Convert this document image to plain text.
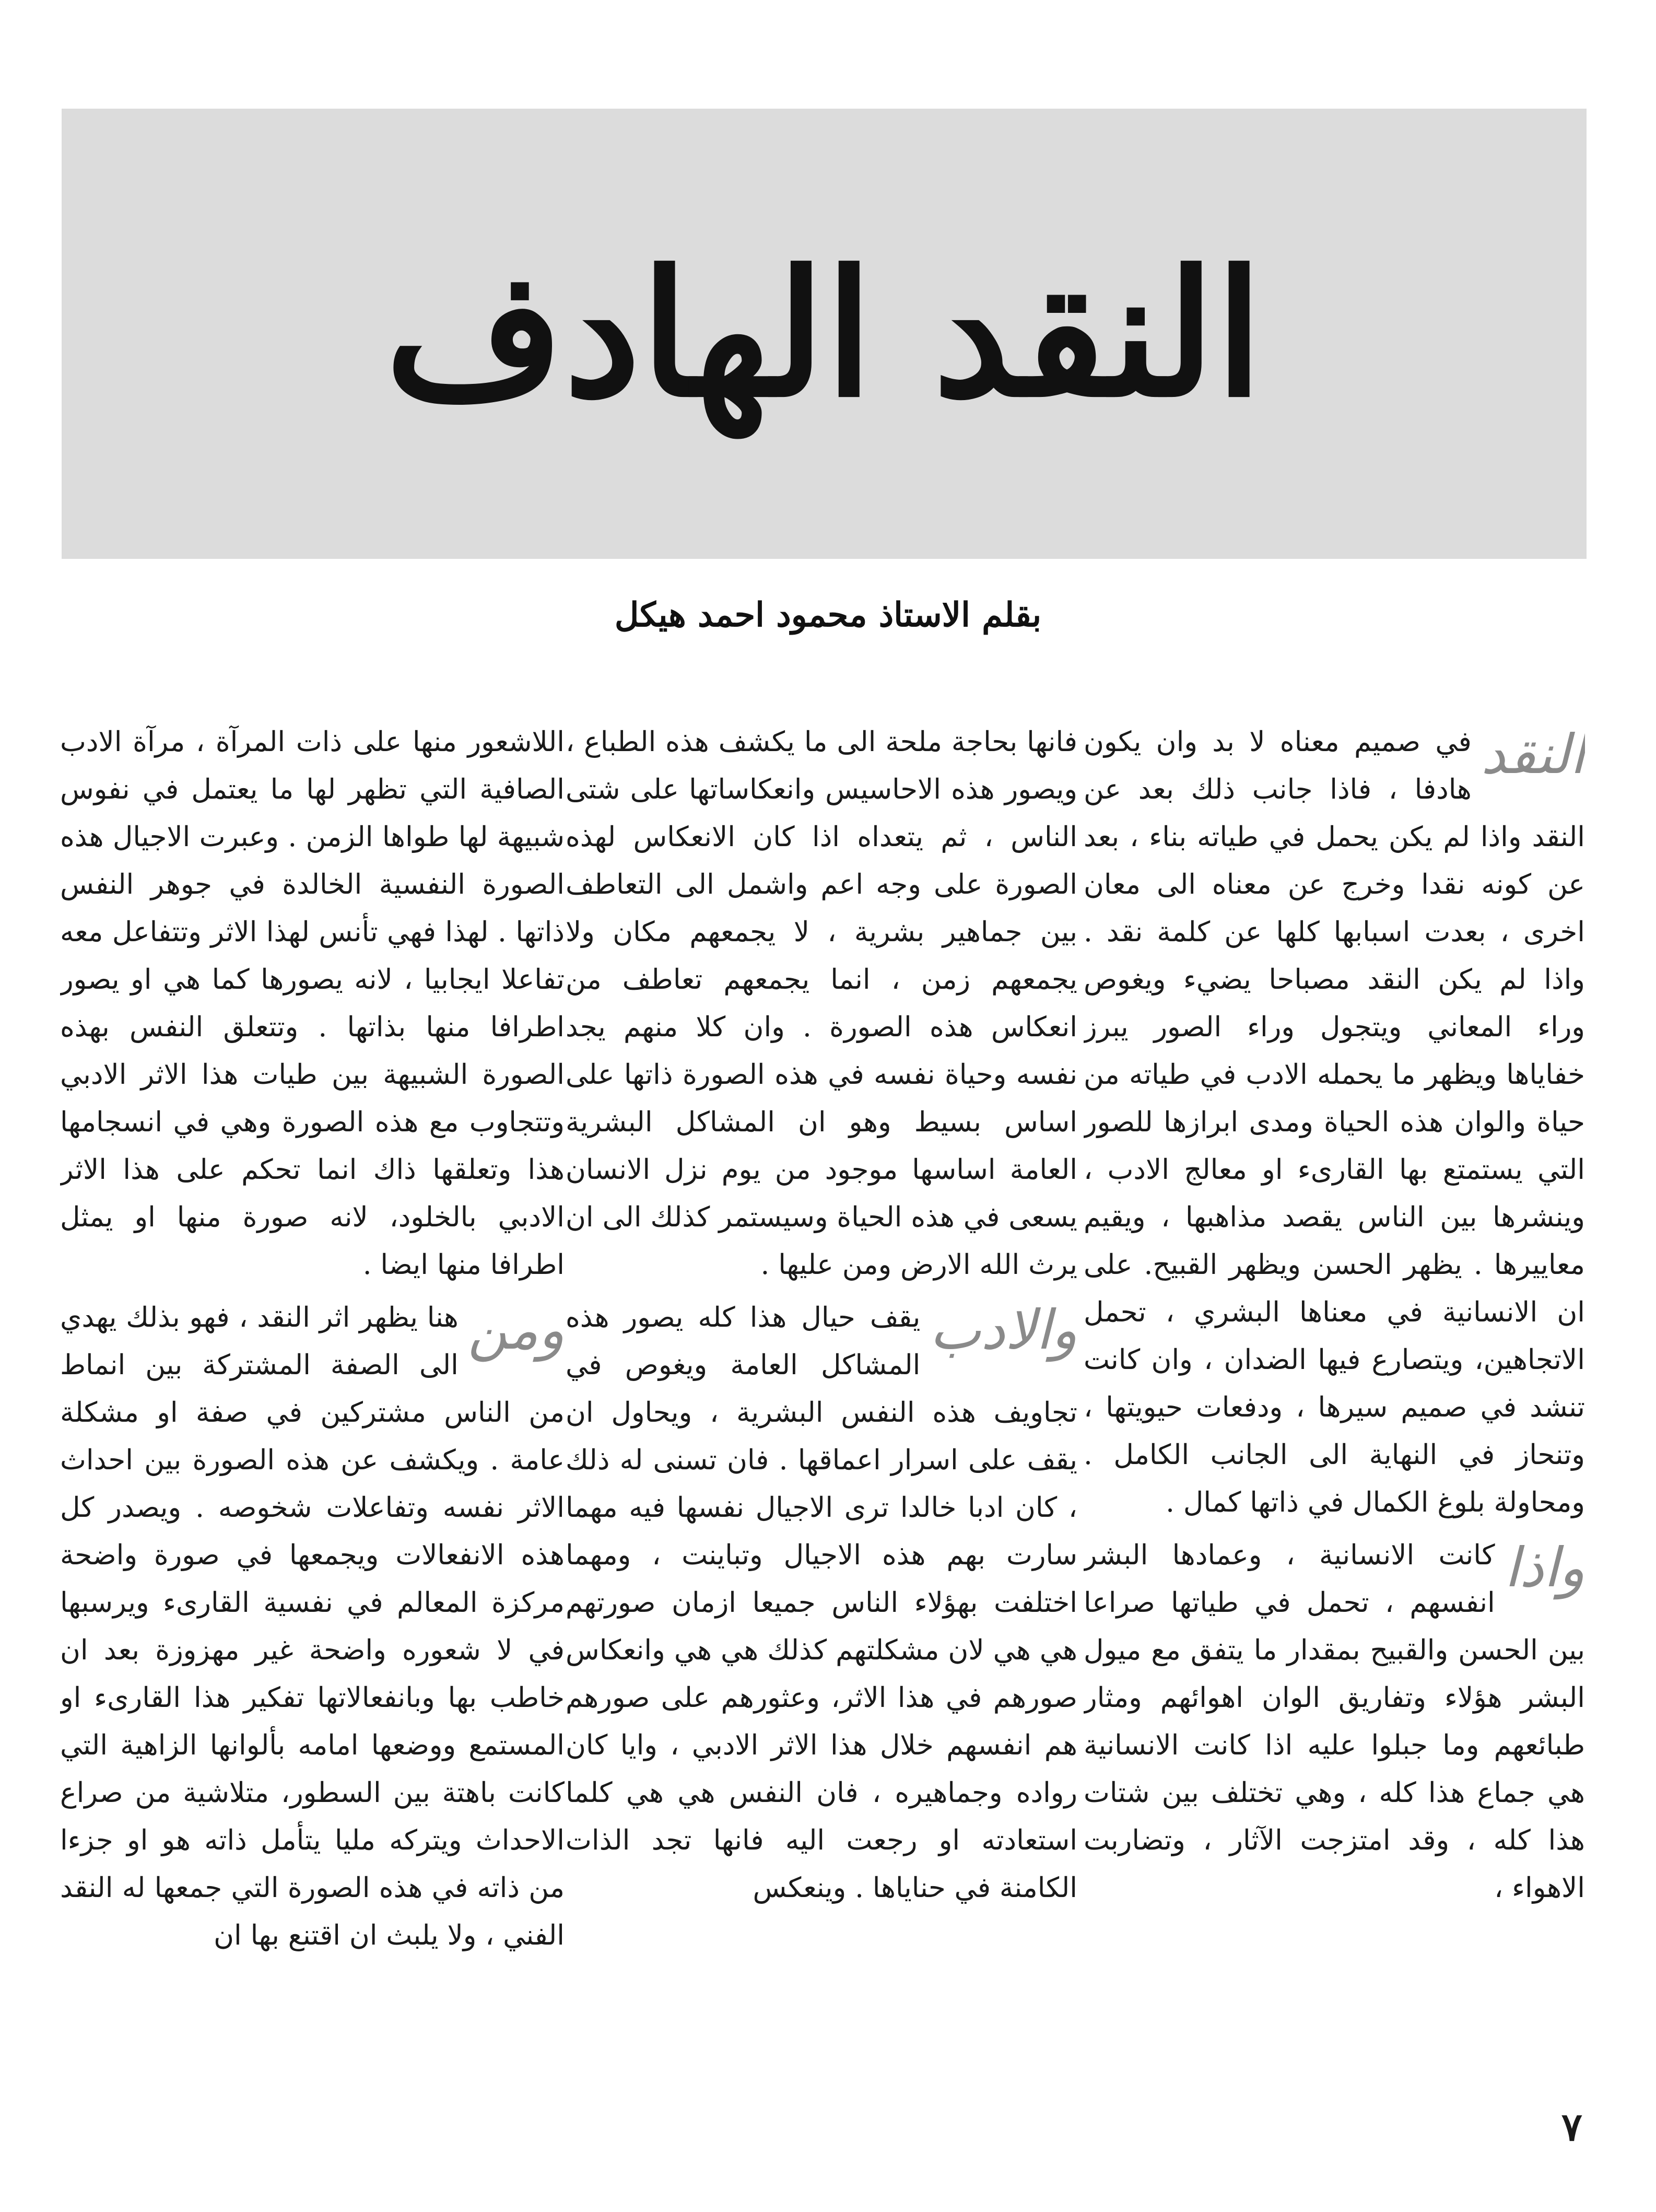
النقد الهادف
بقلم الاستاذ محمود احمد هيكل

النقد
في صميم معناه لا بد وان يكون هادفا ، فاذا جانب ذلك بعد عن النقد واذا لم يكن يحمل في طياته بناء ، بعد عن كونه نقدا وخرج عن معناه الى معان اخرى ، بعدت اسبابها كلها عن كلمة نقد . واذا لم يكن النقد مصباحا يضيء ويغوص وراء المعاني ويتجول وراء الصور يبرز خفاياها ويظهر ما يحمله الادب في طياته من حياة والوان هذه الحياة ومدى ابرازها للصور التي يستمتع بها القارىء او معالج الادب ، وينشرها بين الناس يقصد مذاهبها ، ويقيم معاييرها . يظهر الحسن ويظهر القبيح. على ان الانسانية في معناها البشري ، تحمل الاتجاهين، ويتصارع فيها الضدان ، وان كانت تنشد في صميم سيرها ، ودفعات حيويتها ، وتنحاز في النهاية الى الجانب الكامل . ومحاولة بلوغ الكمال في ذاتها كمال .

واذا
كانت الانسانية ، وعمادها البشر انفسهم ، تحمل في طياتها صراعا بين الحسن والقبيح بمقدار ما يتفق مع ميول البشر هؤلاء وتفاريق الوان اهوائهم ومثار طبائعهم وما جبلوا عليه اذا كانت الانسانية هي جماع هذا كله ، وهي تختلف بين شتات هذا كله ، وقد امتزجت الآثار ، وتضاربت الاهواء ،

فانها بحاجة ملحة الى ما يكشف هذه الطباع ، ويصور هذه الاحاسيس وانعكاساتها على شتى الناس ، ثم يتعداه اذا كان الانعكاس لهذه الصورة على وجه اعم واشمل الى التعاطف بين جماهير بشرية ، لا يجمعهم مكان ولا يجمعهم زمن ، انما يجمعهم تعاطف من انعكاس هذه الصورة . وان كلا منهم يجد نفسه وحياة نفسه في هذه الصورة ذاتها على اساس بسيط وهو ان المشاكل البشرية العامة اساسها موجود من يوم نزل الانسان يسعى في هذه الحياة وسيستمر كذلك الى ان يرث الله الارض ومن عليها .

والادب
يقف حيال هذا كله يصور هذه المشاكل العامة ويغوص في تجاويف هذه النفس البشرية ، ويحاول ان يقف على اسرار اعماقها . فان تسنى له ذلك ، كان ادبا خالدا ترى الاجيال نفسها فيه مهما سارت بهم هذه الاجيال وتباينت ، ومهما اختلفت بهؤلاء الناس جميعا ازمان صورتهم هي هي لان مشكلتهم كذلك هي هي وانعكاس صورهم في هذا الاثر، وعثورهم على صورهم هم انفسهم خلال هذا الاثر الادبي ، وايا كان رواده وجماهيره ، فان النفس هي هي كلما استعادته او رجعت اليه فانها تجد الذات الكامنة في حناياها . وينعكس

اللاشعور منها على ذات المرآة ، مرآة الادب الصافية التي تظهر لها ما يعتمل في نفوس شبيهة لها طواها الزمن . وعبرت الاجيال هذه الصورة النفسية الخالدة في جوهر النفس ذاتها . لهذا فهي تأنس لهذا الاثر وتتفاعل معه تفاعلا ايجابيا ، لانه يصورها كما هي او يصور اطرافا منها بذاتها . وتتعلق النفس بهذه الصورة الشبيهة بين طيات هذا الاثر الادبي وتتجاوب مع هذه الصورة وهي في انسجامها هذا وتعلقها ذاك انما تحكم على هذا الاثر الادبي بالخلود، لانه صورة منها او يمثل اطرافا منها ايضا .

ومن
هنا يظهر اثر النقد ، فهو بذلك يهدي الى الصفة المشتركة بين انماط من الناس مشتركين في صفة او مشكلة عامة . ويكشف عن هذه الصورة بين احداث الاثر نفسه وتفاعلات شخوصه . ويصدر كل هذه الانفعالات ويجمعها في صورة واضحة مركزة المعالم في نفسية القارىء ويرسبها في لا شعوره واضحة غير مهزوزة بعد ان خاطب بها وبانفعالاتها تفكير هذا القارىء او المستمع ووضعها امامه بألوانها الزاهية التي كانت باهتة بين السطور، متلاشية من صراع الاحداث ويتركه مليا يتأمل ذاته هو او جزءا من ذاته في هذه الصورة التي جمعها له النقد الفني ، ولا يلبث ان اقتنع بها ان

٧
